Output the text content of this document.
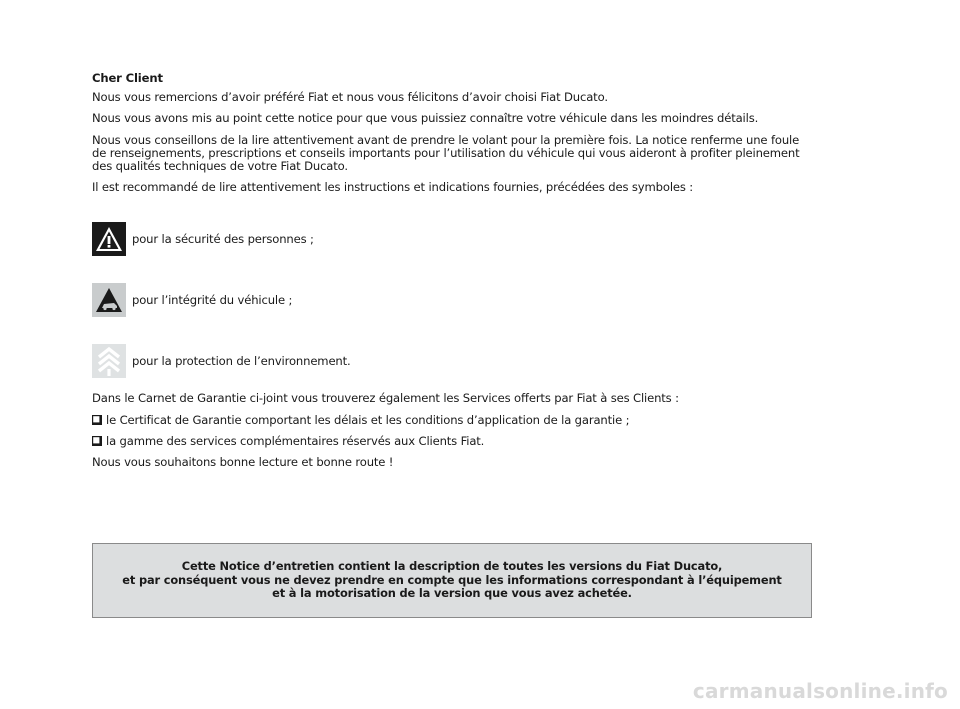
Cher Client

Nous vous remercions d’avoir préféré Fiat et nous vous félicitons d’avoir choisi Fiat Ducato.

Nous vous avons mis au point cette notice pour que vous puissiez connaître votre véhicule dans les moindres détails.

Nous vous conseillons de la lire attentivement avant de prendre le volant pour la première fois. La notice renferme une foule de renseignements, prescriptions et conseils importants pour l’utilisation du véhicule qui vous aideront à profiter pleinement des qualités techniques de votre Fiat Ducato.

Il est recommandé de lire attentivement les instructions et indications fournies, précédées des symboles :

pour la sécurité des personnes ;
pour l’intégrité du véhicule ;
pour la protection de l’environnement.

Dans le Carnet de Garantie ci-joint vous trouverez également les Services offerts par Fiat à ses Clients :

le Certificat de Garantie comportant les délais et les conditions d’application de la garantie ;
la gamme des services complémentaires réservés aux Clients Fiat.

Nous vous souhaitons bonne lecture et bonne route !

Cette Notice d’entretien contient la description de toutes les versions du Fiat Ducato,
et par conséquent vous ne devez prendre en compte que les informations correspondant à l’équipement
et à la motorisation de la version que vous avez achetée.
carmanualsonline.info
